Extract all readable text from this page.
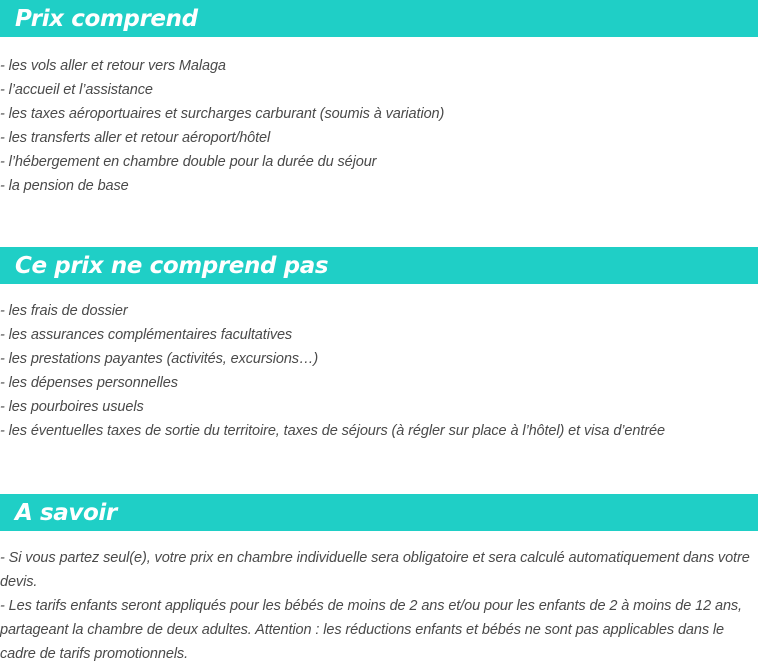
Prix comprend
- les vols aller et retour vers Malaga
- l’accueil et l’assistance
- les taxes aéroportuaires et surcharges carburant (soumis à variation)
- les transferts aller et retour aéroport/hôtel
- l’hébergement en chambre double pour la durée du séjour
- la pension de base
Ce prix ne comprend pas
- les frais de dossier
- les assurances complémentaires facultatives
- les prestations payantes (activités, excursions…)
- les dépenses personnelles
- les pourboires usuels
- les éventuelles taxes de sortie du territoire, taxes de séjours (à régler sur place à l’hôtel) et visa d’entrée
A savoir
- Si vous partez seul(e), votre prix en chambre individuelle sera obligatoire et sera calculé automatiquement dans votre devis.
- Les tarifs enfants seront appliqués pour les bébés de moins de 2 ans et/ou pour les enfants de 2 à moins de 12 ans, partageant la chambre de deux adultes. Attention : les réductions enfants et bébés ne sont pas applicables dans le cadre de tarifs promotionnels.
